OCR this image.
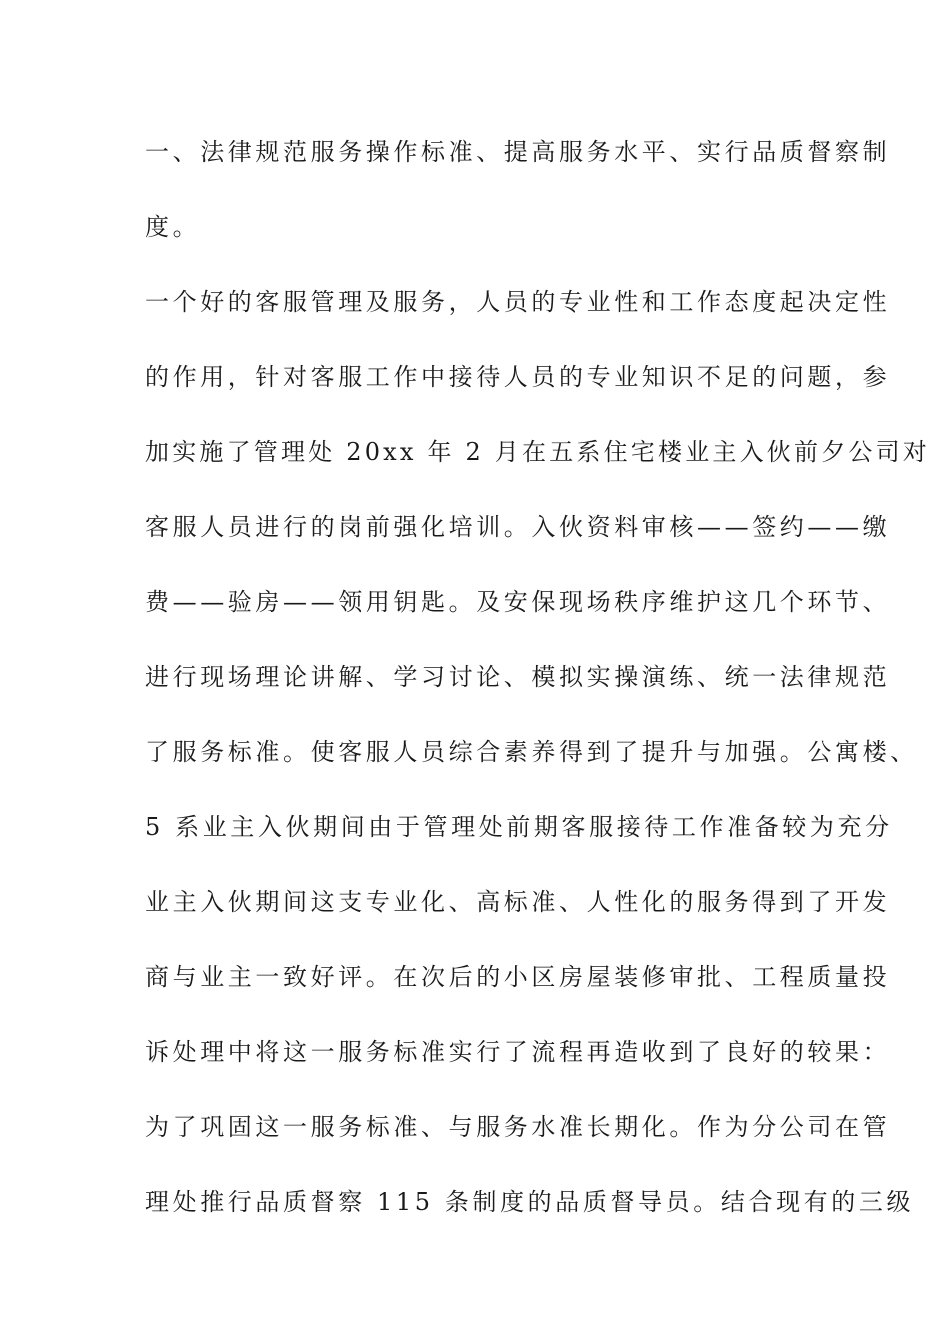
一、法律规范服务操作标准、提高服务水平、实行品质督察制
度。
一个好的客服管理及服务，人员的专业性和工作态度起决定性
的作用，针对客服工作中接待人员的专业知识不足的问题，参
加实施了管理处 20xx 年 2 月在五系住宅楼业主入伙前夕公司对
客服人员进行的岗前强化培训。入伙资料审核——签约——缴
费——验房——领用钥匙。及安保现场秩序维护这几个环节、
进行现场理论讲解、学习讨论、模拟实操演练、统一法律规范
了服务标准。使客服人员综合素养得到了提升与加强。公寓楼、
5 系业主入伙期间由于管理处前期客服接待工作准备较为充分
业主入伙期间这支专业化、高标准、人性化的服务得到了开发
商与业主一致好评。在次后的小区房屋装修审批、工程质量投
诉处理中将这一服务标准实行了流程再造收到了良好的较果：
为了巩固这一服务标准、与服务水准长期化。作为分公司在管
理处推行品质督察 115 条制度的品质督导员。结合现有的三级
